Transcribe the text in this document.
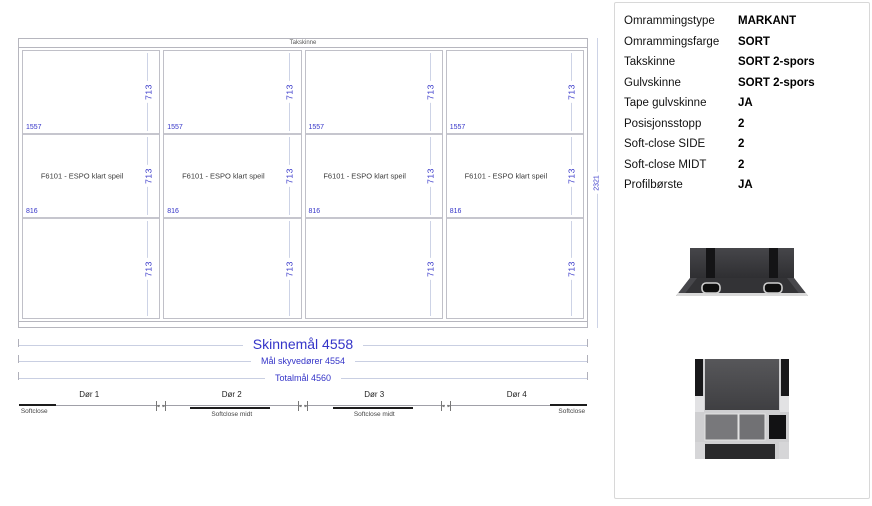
Takskinne
713
1557
F6101 - ESPO klart speil	713
816
713
713
1557
F6101 - ESPO klart speil	713
816
713
713
1557
F6101 - ESPO klart speil	713
816
713
713
1557
F6101 - ESPO klart speil	713
816
713
2321
Skinnemål 4558
Mål skyvedører 4554
Totalmål 4560
Dør 1
Softclose
Dør 2
Softclose midt
Dør 3
Softclose midt
Dør 4
Softclose
Omrammingstype	MARKANT
Omrammingsfarge	SORT
Takskinne	SORT 2-spors
Gulvskinne	SORT 2-spors
Tape gulvskinne	JA
Posisjonsstopp	2
Soft-close SIDE	2
Soft-close MIDT	2
Profilbørste	JA
